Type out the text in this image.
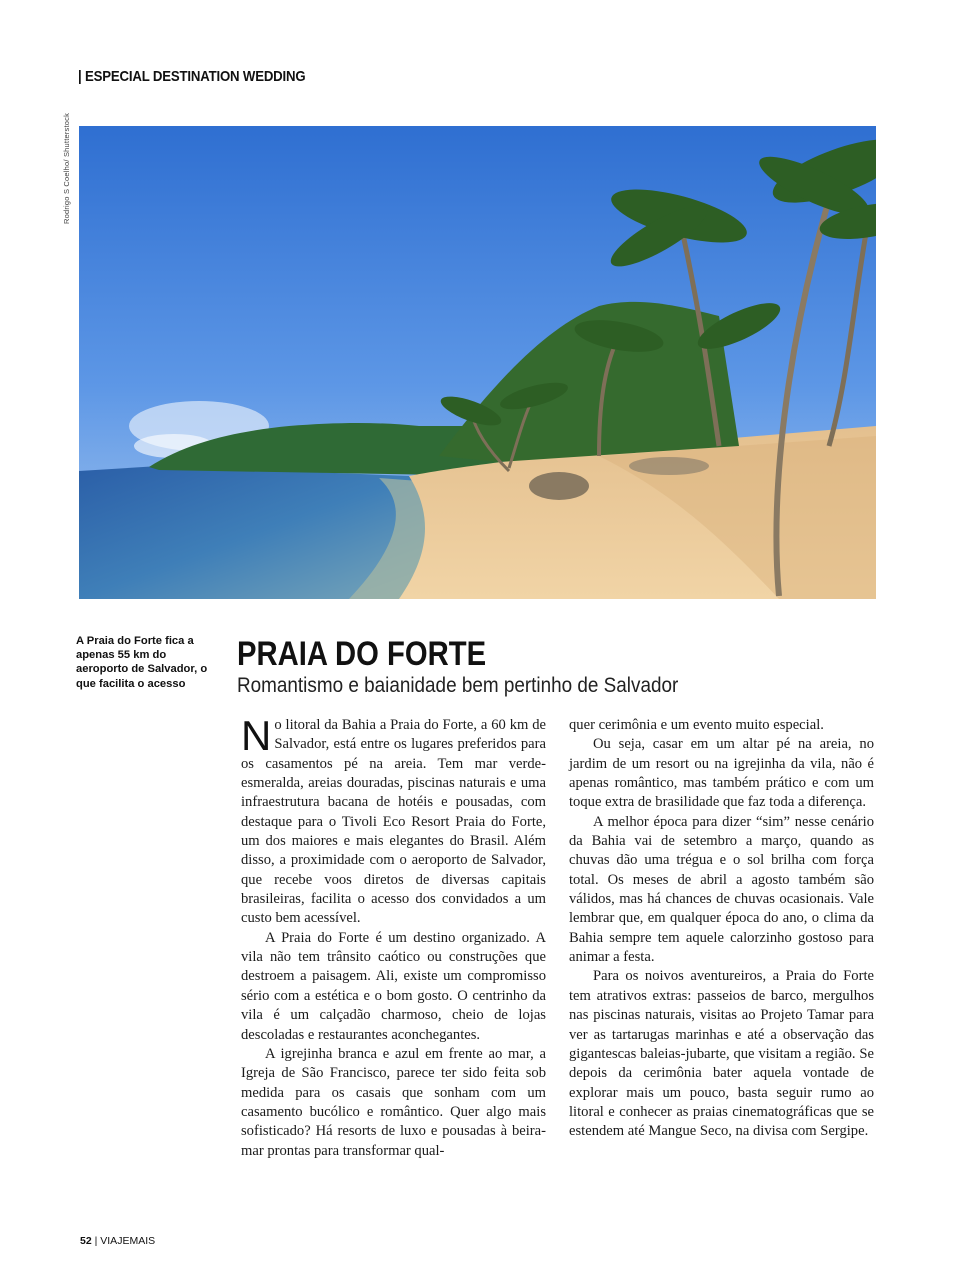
| ESPECIAL DESTINATION WEDDING
Rodrigo S Coelho/ Shutterstock
A Praia do Forte fica a apenas 55 km do aeroporto de Salvador, o que facilita o acesso
PRAIA DO FORTE
Romantismo e baianidade bem pertinho de Salvador

No litoral da Bahia a Praia do Forte, a 60 km de Salvador, está entre os lugares preferidos para os casamentos pé na areia. Tem mar verde-esmeralda, areias douradas, piscinas naturais e uma infraestrutura bacana de hotéis e pousadas, com destaque para o Tivoli Eco Resort Praia do Forte, um dos maiores e mais elegantes do Brasil. Além disso, a proximidade com o aeroporto de Salvador, que recebe voos diretos de diversas capitais brasileiras, facilita o acesso dos convidados a um custo bem acessível.

A Praia do Forte é um destino organizado. A vila não tem trânsito caótico ou construções que destroem a paisagem. Ali, existe um compromisso sério com a estética e o bom gosto. O centrinho da vila é um calçadão charmoso, cheio de lojas descoladas e restaurantes aconchegantes.

A igrejinha branca e azul em frente ao mar, a Igreja de São Francisco, parece ter sido feita sob medida para os casais que sonham com um casamento bucólico e romântico. Quer algo mais sofisticado? Há resorts de luxo e pousadas à beira-mar prontas para transformar qual-

quer cerimônia e um evento muito especial.

Ou seja, casar em um altar pé na areia, no jardim de um resort ou na igrejinha da vila, não é apenas romântico, mas também prático e com um toque extra de brasilidade que faz toda a diferença.

A melhor época para dizer “sim” nesse cenário da Bahia vai de setembro a março, quando as chuvas dão uma trégua e o sol brilha com força total. Os meses de abril a agosto também são válidos, mas há chances de chuvas ocasionais. Vale lembrar que, em qualquer época do ano, o clima da Bahia sempre tem aquele calorzinho gostoso para animar a festa.

Para os noivos aventureiros, a Praia do Forte tem atrativos extras: passeios de barco, mergulhos nas piscinas naturais, visitas ao Projeto Tamar para ver as tartarugas marinhas e até a observação das gigantescas baleias-jubarte, que visitam a região. Se depois da cerimônia bater aquela vontade de explorar mais um pouco, basta seguir rumo ao litoral e conhecer as praias cinematográficas que se estendem até Mangue Seco, na divisa com Sergipe.

52 | VIAJEMAIS
